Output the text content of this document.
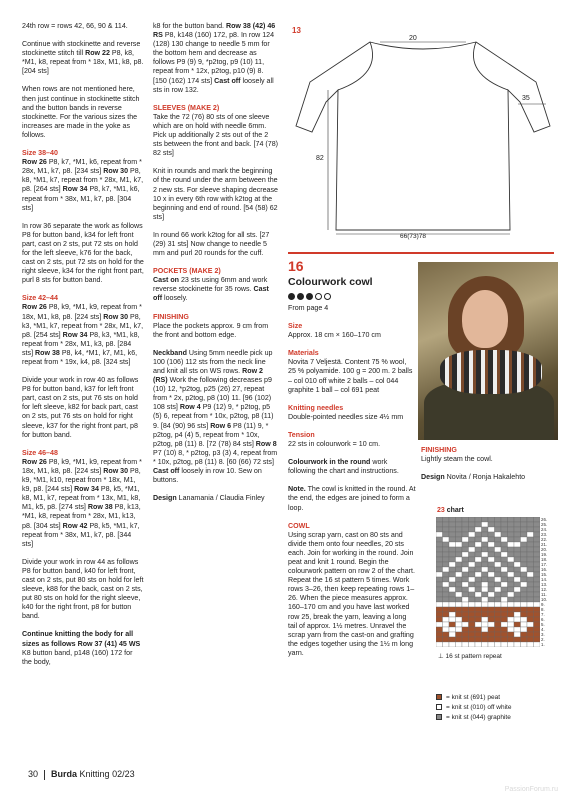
24th row = rows 42, 66, 90 & 114.

Continue with stockinette and reverse stockinette stitch till Row 22 P8, k8, *M1, k8, repeat from * 18x, M1, k8, p8. [204 sts]

When rows are not mentioned here, then just continue in stockinette stitch and the button bands in reverse stockinette. For the various sizes the increases are made in the yoke as follows.

Size 38–40

Row 26 P8, k7, *M1, k6, repeat from * 28x, M1, k7, p8. [234 sts] Row 30 P8, k8, *M1, k7, repeat from * 28x, M1, k7, p8. [264 sts] Row 34 P8, k7, *M1, k6, repeat from * 38x, M1, k7, p8. [304 sts]

In row 36 separate the work as follows P8 for button band, k34 for left front part, cast on 2 sts, put 72 sts on hold for the left sleeve, k76 for the back, cast on 2 sts, put 72 sts on hold for the right sleeve, k34 for the right front part, purl 8 sts for button band.

Size 42–44

Row 26 P8, k9, *M1, k9, repeat from * 18x, M1, k8, p8. [224 sts] Row 30 P8, k3, *M1, k7, repeat from * 28x, M1, k7, p8. [254 sts] Row 34 P8, k3, *M1, k8, repeat from * 28x, M1, k3, p8. [284 sts] Row 38 P8, k4, *M1, k7, M1, k6, repeat from * 19x, k4, p8. [324 sts]

Divide your work in row 40 as follows P8 for button band, k37 for left front part, cast on 2 sts, put 76 sts on hold for left sleeve, k82 for back part, cast on 2 sts, put 76 sts on hold for right sleeve, k37 for the right front part, p8 for button band.

Size 46–48

Row 26 P8, k9, *M1, k9, repeat from * 18x, M1, k8, p8. [224 sts] Row 30 P8, k9, *M1, k10, repeat from * 18x, M1, k9, p8. [244 sts] Row 34 P8, k5, *M1, k8, M1, k7, repeat from * 13x, M1, k8, M1, k5, p8. [274 sts] Row 38 P8, k13, *M1, k8, repeat from * 28x, M1, k13, p8. [304 sts] Row 42 P8, k5, *M1, k7, repeat from * 38x, M1, k7, p8. [344 sts]

Divide your work in row 44 as follows P8 for button band, k40 for left front, cast on 2 sts, put 80 sts on hold for left sleeve, k88 for the back, cast on 2 sts, put 80 sts on hold for the right sleeve, k40 for the right front, p8 for button band.

Continue knitting the body for all sizes as follows Row 37 (41) 45 WS K8 button band, p148 (160) 172 for the body,

k8 for the button band. Row 38 (42) 46 RS P8, k148 (160) 172, p8. In row 124 (128) 130 change to needle 5 mm for the bottom hem and decrease as follows P9 (9) 9, *p2tog, p9 (10) 11, repeat from * 12x, p2tog, p10 (9) 8. [150 (162) 174 sts] Cast off loosely all sts in row 132.

SLEEVES (MAKE 2)

Take the 72 (76) 80 sts of one sleeve which are on hold with needle 6mm. Pick up additionally 2 sts out of the 2 sts between the front and back. [74 (78) 82 sts]

Knit in rounds and mark the beginning of the round under the arm between the 2 new sts. For sleeve shaping decrease 10 x in every 6th row with k2tog at the beginning and end of round. [54 (58) 62 sts]

In round 66 work k2tog for all sts. [27 (29) 31 sts] Now change to needle 5 mm and purl 20 rounds for the cuff.

POCKETS (MAKE 2)

Cast on 23 sts using 6mm and work reverse stockinette for 35 rows. Cast off loosely.

FINISHING

Place the pockets approx. 9 cm from the front and bottom edge.

Neckband Using 5mm needle pick up 100 (106) 112 sts from the neck line and knit all sts on WS rows. Row 2 (RS) Work the following decreases p9 (10) 12, *p2tog, p25 (26) 27, repeat from * 2x, p2tog, p8 (10) 11. [96 (102) 108 sts] Row 4 P9 (12) 9, * p2tog, p5 (5) 6, repeat from * 10x, p2tog, p8 (11) 9. [84 (90) 96 sts] Row 6 P8 (11) 9, * p2tog, p4 (4) 5, repeat from * 10x, p2tog, p8 (11) 8. [72 (78) 84 sts] Row 8 P7 (10) 8, * p2tog, p3 (3) 4, repeat from * 10x, p2tog, p8 (11) 8. [60 (66) 72 sts] Cast off loosely in row 10. Sew on buttons.

Design Lanamania / Claudia Finley

13
20
35
82
66(73)78
16
Colourwork cowl

From page 4

Size

Approx. 18 cm × 160–170 cm

Materials

Novita 7 Veljestä. Content 75 % wool, 25 % polyamide. 100 g = 200 m. 2 balls – col 010 off white 2 balls – col 044 graphite 1 ball – col 691 peat

Knitting needles

Double-pointed needles size 4½ mm

Tension

22 sts in colourwork = 10 cm.

Colourwork in the round work following the chart and instructions.

Note. The cowl is knitted in the round. At the end, the edges are joined to form a loop.

COWL

Using scrap yarn, cast on 80 sts and divide them onto four needles, 20 sts each. Join for working in the round. Join peat and knit 1 round. Begin the colourwork pattern on row 2 of the chart. Repeat the 16 st pattern 5 times. Work rows 3–26, then keep repeating rows 1–26. When the piece measures approx. 160–170 cm and you have last worked row 25, break the yarn, leaving a long tail of approx. 1½ metres. Unravel the scrap yarn from the cast-on and grafting the edges together using the 1½ m long yarn.

FINISHING
Lightly steam the cowl.
Design Novita / Ronja Hakalehto
23 chart
26.
25.
24.
23.
22.
21.
20.
19.
18.
17.
16.
15.
14.
13.
12.
11.
10.
9.
8.
7.
6.
5.
4.
3.
2.
1.
⊥ 16 st pattern repeat
= knit st (691) peat
= knit st (010) off white
= knit st (044) graphite
30 Burda Knitting 02/23
PassionForum.ru
